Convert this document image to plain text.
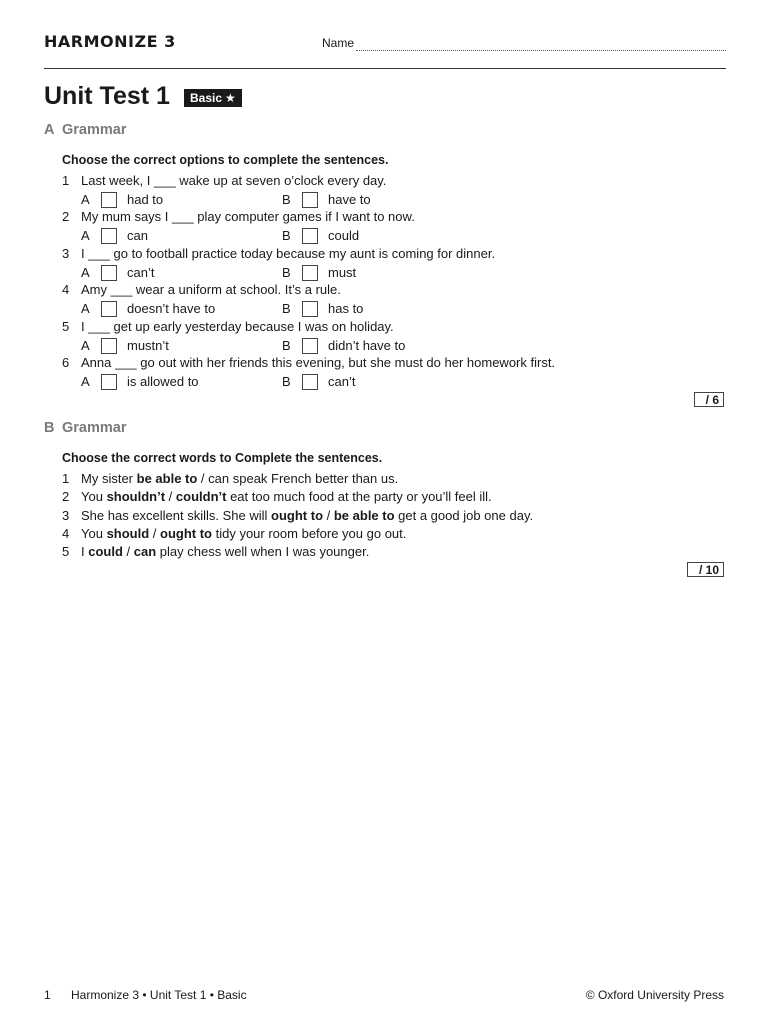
HARMONIZE 3	Name
Unit Test 1	Basic ★
A Grammar
Choose the correct options to complete the sentences.
1 Last week, I ___ wake up at seven o’clock every day.
A	had to	B	have to
2 My mum says I ___ play computer games if I want to now.
A	can	B	could
3 I ___ go to football practice today because my aunt is coming for dinner.
A	can’t	B	must
4 Amy ___ wear a uniform at school. It’s a rule.
A	doesn’t have to	B	has to
5 I ___ get up early yesterday because I was on holiday.
A	mustn’t	B	didn’t have to
6 Anna ___ go out with her friends this evening, but she must do her homework first.
A	is allowed to	B	can’t
/ 6
B Grammar
Choose the correct words to Complete the sentences.
1 My sister be able to / can speak French better than us.
2 You shouldn’t / couldn’t eat too much food at the party or you’ll feel ill.
3 She has excellent skills. She will ought to / be able to get a good job one day.
4 You should / ought to tidy your room before you go out.
5 I could / can play chess well when I was younger.
/ 10
1 Harmonize 3 • Unit Test 1 • Basic	© Oxford University Press
